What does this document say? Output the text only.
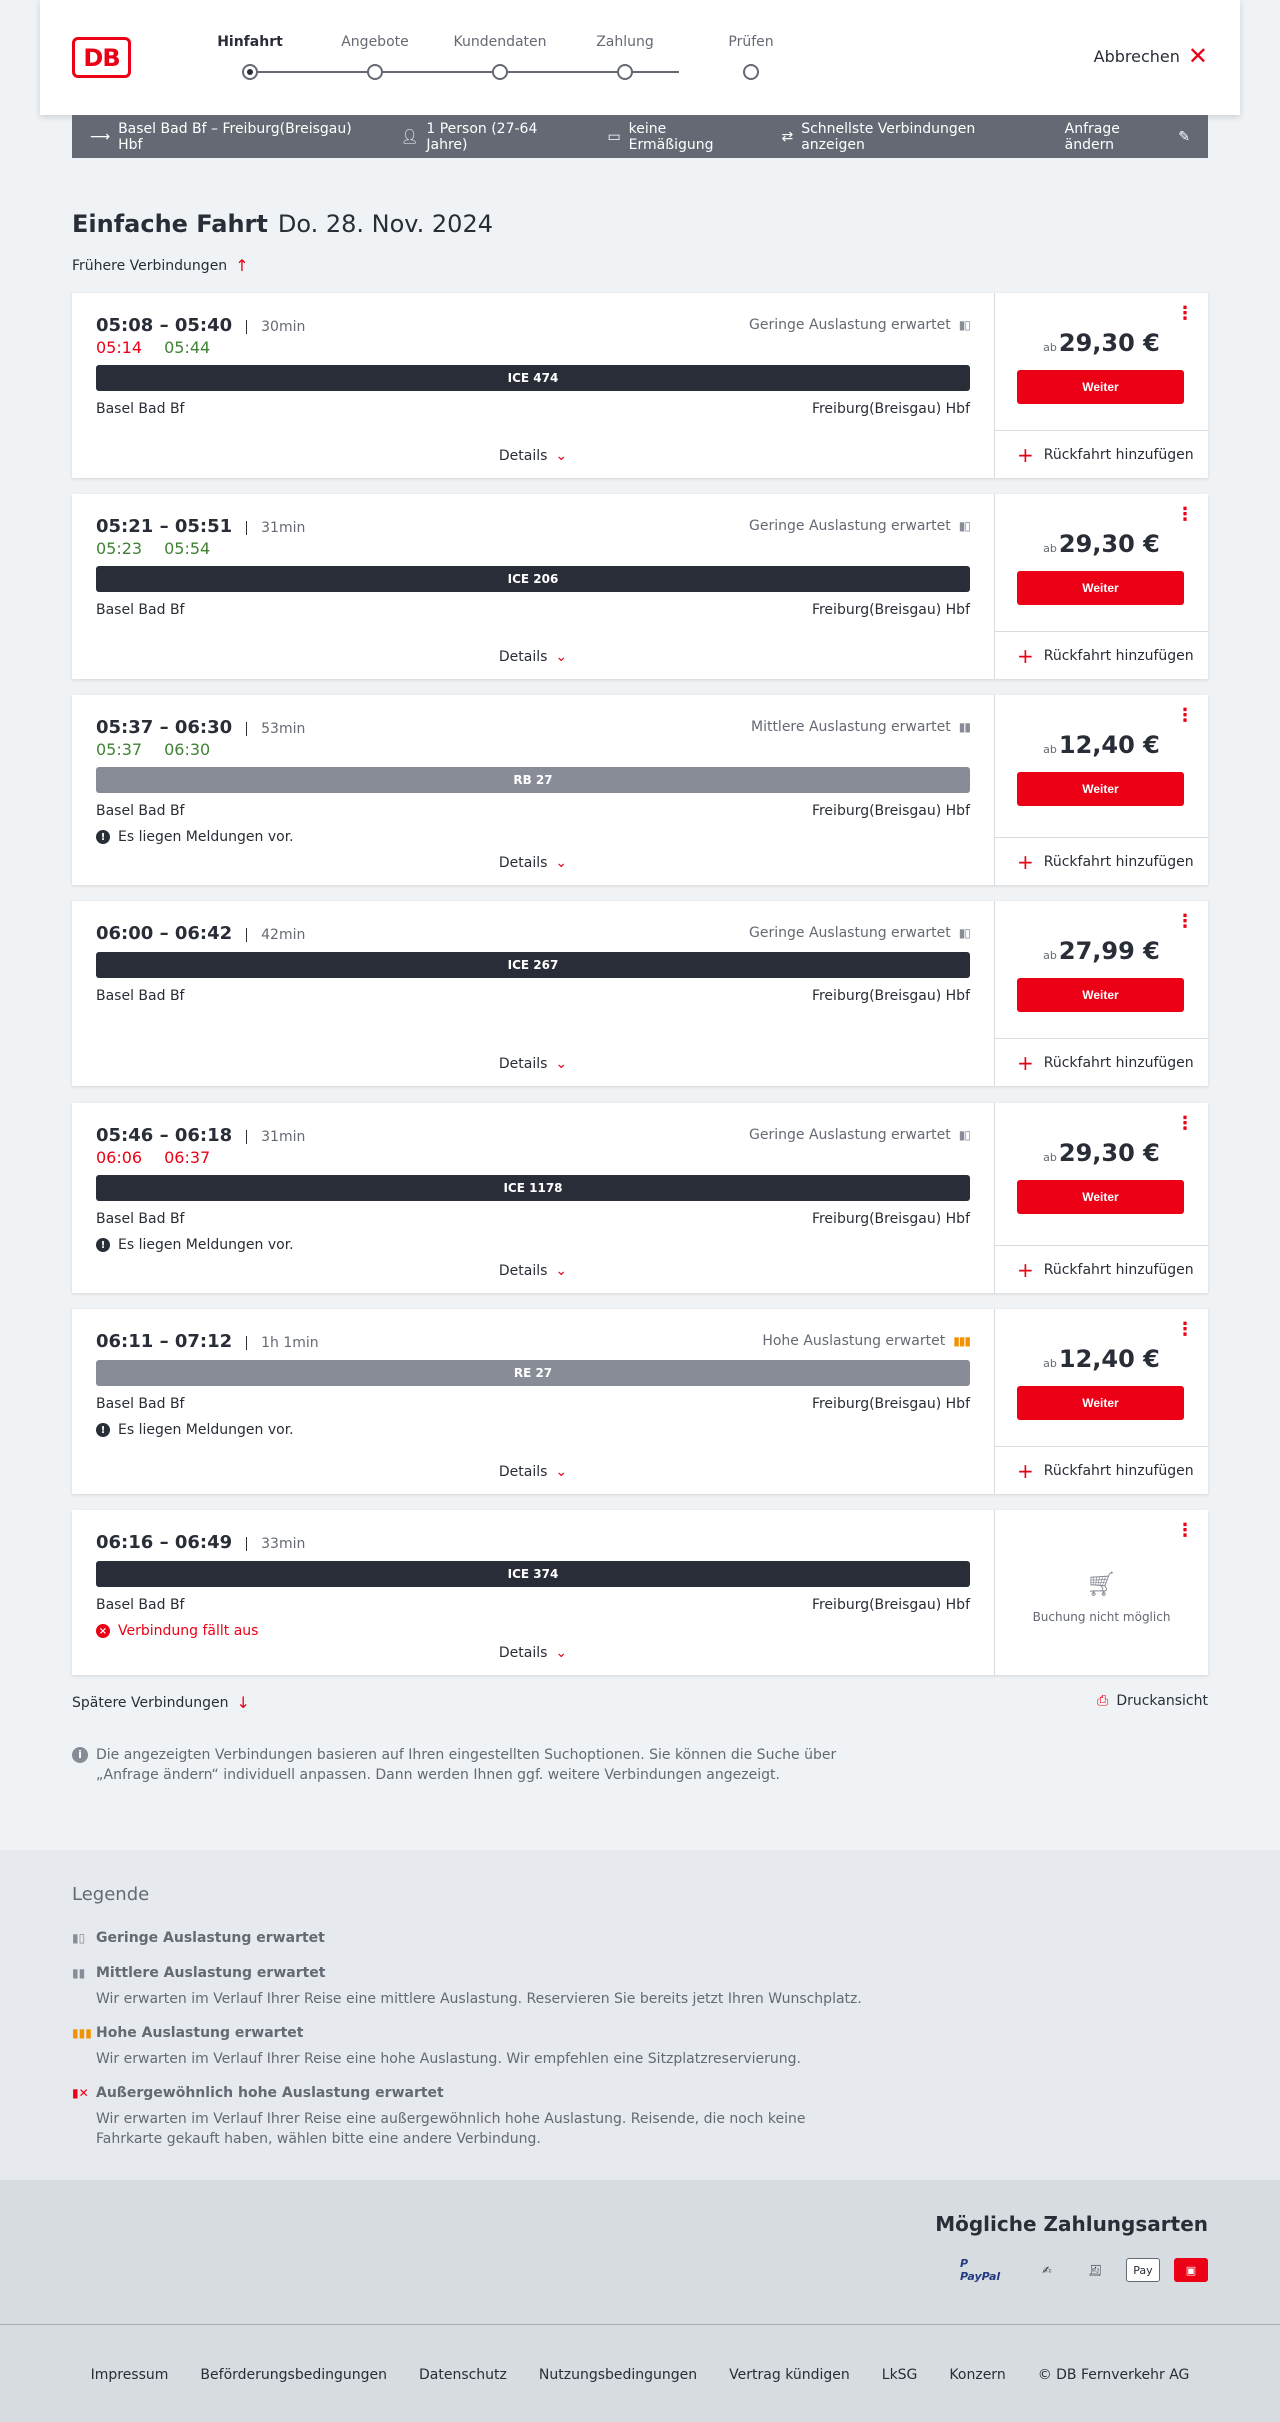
DB
Hinfahrt	Angebote	Kundendaten	Zahlung	Prüfen
Abbrechen ✕
⟶ Basel Bad Bf – Freiburg(Breisgau) Hbf	👤︎ 1 Person (27-64 Jahre)	▭ keine Ermäßigung	⇄ Schnellste Verbindungen anzeigen
Anfrage ändern	✎
Einfache Fahrt Do. 28. Nov. 2024
Frühere Verbindungen ↑
05:08 – 05:40	30min	Geringe Auslastung erwartet ▮▯
05:14 05:44
ICE 474
Basel Bad Bf	Freiburg(Breisgau) Hbf
Details ⌄
⋮
ab29,30 €
Weiter
+ Rückfahrt hinzufügen
05:21 – 05:51	31min	Geringe Auslastung erwartet ▮▯
05:23 05:54
ICE 206
Basel Bad Bf	Freiburg(Breisgau) Hbf
Details ⌄
⋮
ab29,30 €
Weiter
+ Rückfahrt hinzufügen
05:37 – 06:30	53min	Mittlere Auslastung erwartet ▮▮
05:37 06:30
RB 27
Basel Bad Bf	Freiburg(Breisgau) Hbf
! Es liegen Meldungen vor.
Details ⌄
⋮
ab12,40 €
Weiter
+ Rückfahrt hinzufügen
06:00 – 06:42	42min	Geringe Auslastung erwartet ▮▯
ICE 267
Basel Bad Bf	Freiburg(Breisgau) Hbf
Details ⌄
⋮
ab27,99 €
Weiter
+ Rückfahrt hinzufügen
05:46 – 06:18	31min	Geringe Auslastung erwartet ▮▯
06:06 06:37
ICE 1178
Basel Bad Bf	Freiburg(Breisgau) Hbf
! Es liegen Meldungen vor.
Details ⌄
⋮
ab29,30 €
Weiter
+ Rückfahrt hinzufügen
06:11 – 07:12	1h 1min	Hohe Auslastung erwartet ▮▮▮
RE 27
Basel Bad Bf	Freiburg(Breisgau) Hbf
! Es liegen Meldungen vor.
Details ⌄
⋮
ab12,40 €
Weiter
+ Rückfahrt hinzufügen
06:16 – 06:49	33min
ICE 374
Basel Bad Bf	Freiburg(Breisgau) Hbf
× Verbindung fällt aus
Details ⌄
⋮
🛒︎
Buchung nicht möglich
Spätere Verbindungen ↓	⎙ Druckansicht
i	Die angezeigten Verbindungen basieren auf Ihren eingestellten Suchoptionen. Sie können die Suche über „Anfrage ändern“ individuell anpassen. Dann werden Ihnen ggf. weitere Verbindungen angezeigt.
Legende
▮▯ Geringe Auslastung erwartet
▮▮ Mittlere Auslastung erwartet
Wir erwarten im Verlauf Ihrer Reise eine mittlere Auslastung. Reservieren Sie bereits jetzt Ihren Wunschplatz.
▮▮▮ Hohe Auslastung erwartet
Wir erwarten im Verlauf Ihrer Reise eine hohe Auslastung. Wir empfehlen eine Sitzplatzreservierung.
▮✕ Außergewöhnlich hohe Auslastung erwartet
Wir erwarten im Verlauf Ihrer Reise eine außergewöhnlich hohe Auslastung. Reisende, die noch keine Fahrkarte gekauft haben, wählen bitte eine andere Verbindung.
Mögliche Zahlungsarten
P PayPal	✍	🧾︎	Pay	▣
Impressum Beförderungsbedingungen Datenschutz Nutzungsbedingungen Vertrag kündigen LkSG Konzern © DB Fernverkehr AG
